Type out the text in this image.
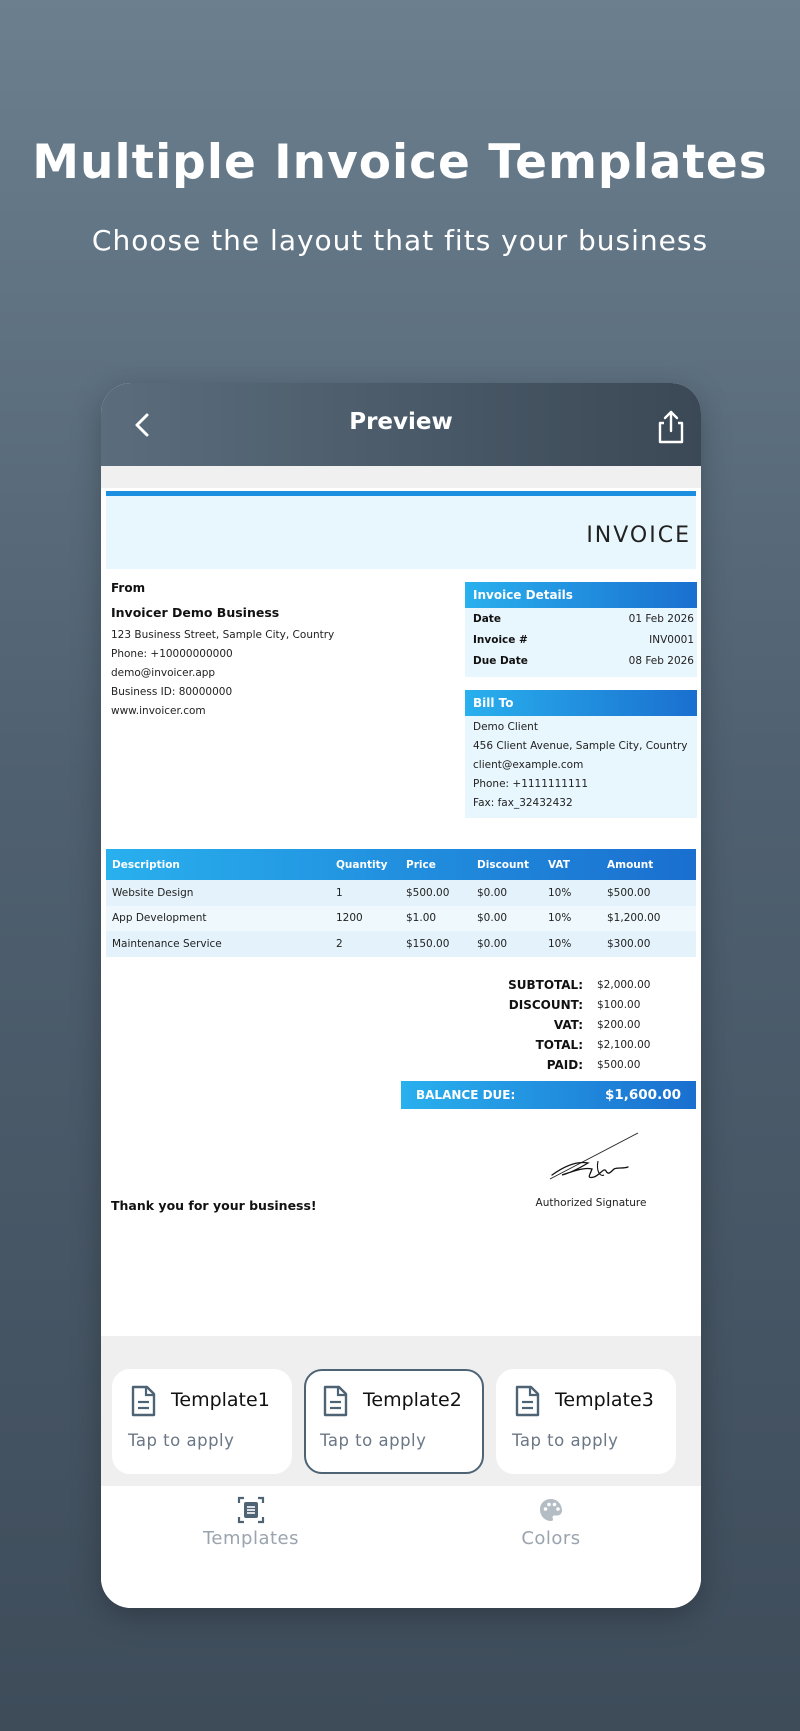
Multiple Invoice Templates
Choose the layout that fits your business
Preview
INVOICE
From
Invoicer Demo Business
123 Business Street, Sample City, Country
Phone: +10000000000
demo@invoicer.app
Business ID: 80000000
www.invoicer.com
Invoice Details
Date	01 Feb 2026
Invoice #	INV0001
Due Date	08 Feb 2026
Bill To
Demo Client
456 Client Avenue, Sample City, Country
client@example.com
Phone: +1111111111
Fax: fax_32432432
Description	Quantity	Price	Discount	VAT	Amount
Website Design	1	$500.00	$0.00	10%	$500.00
App Development	1200	$1.00	$0.00	10%	$1,200.00
Maintenance Service	2	$150.00	$0.00	10%	$300.00
SUBTOTAL:	$2,000.00
DISCOUNT:	$100.00
VAT:	$200.00
TOTAL:	$2,100.00
PAID:	$500.00
BALANCE DUE:	$1,600.00
Authorized Signature
Thank you for your business!
Template1
Tap to apply
Template2
Tap to apply
Template3
Tap to apply
Templates	Colors
